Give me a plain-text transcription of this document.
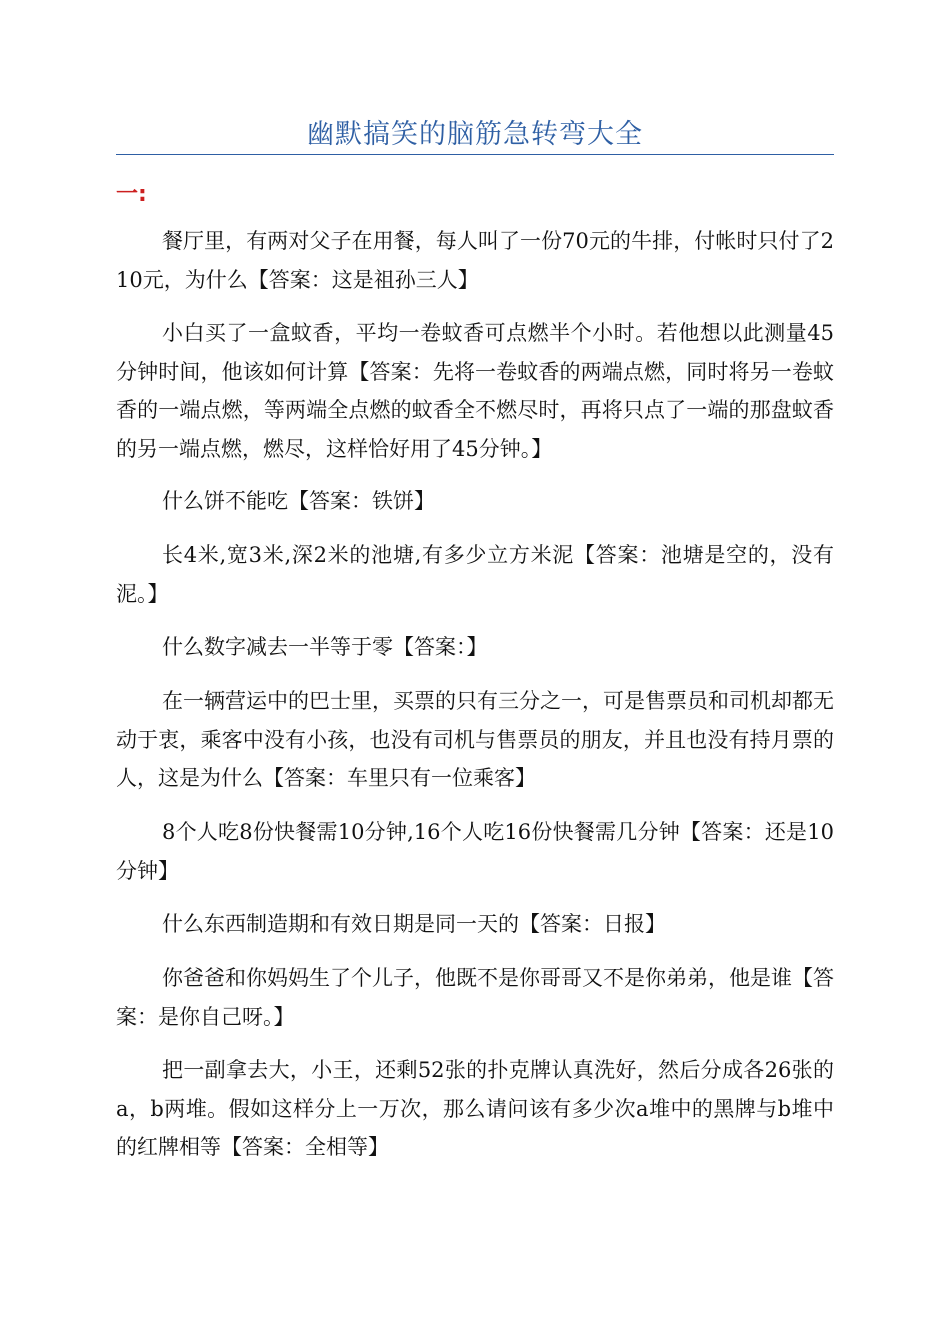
幽默搞笑的脑筋急转弯大全
一:

餐厅里，有两对父子在用餐，每人叫了一份70元的牛排，付帐时只付了210元，为什么【答案：这是祖孙三人】

小白买了一盒蚊香，平均一卷蚊香可点燃半个小时。若他想以此测量45分钟时间，他该如何计算【答案：先将一卷蚊香的两端点燃，同时将另一卷蚊香的一端点燃，等两端全点燃的蚊香全不燃尽时，再将只点了一端的那盘蚊香的另一端点燃，燃尽，这样恰好用了45分钟。】

什么饼不能吃【答案：铁饼】

长4米,宽3米,深2米的池塘,有多少立方米泥【答案：池塘是空的，没有泥。】

什么数字减去一半等于零【答案：】

在一辆营运中的巴士里，买票的只有三分之一，可是售票员和司机却都无动于衷，乘客中没有小孩，也没有司机与售票员的朋友，并且也没有持月票的人，这是为什么【答案：车里只有一位乘客】

8个人吃8份快餐需10分钟,16个人吃16份快餐需几分钟【答案：还是10分钟】

什么东西制造期和有效日期是同一天的【答案：日报】

你爸爸和你妈妈生了个儿子，他既不是你哥哥又不是你弟弟，他是谁【答案：是你自己呀。】

把一副拿去大，小王，还剩52张的扑克牌认真洗好，然后分成各26张的a，b两堆。假如这样分上一万次，那么请问该有多少次a堆中的黑牌与b堆中的红牌相等【答案：全相等】
